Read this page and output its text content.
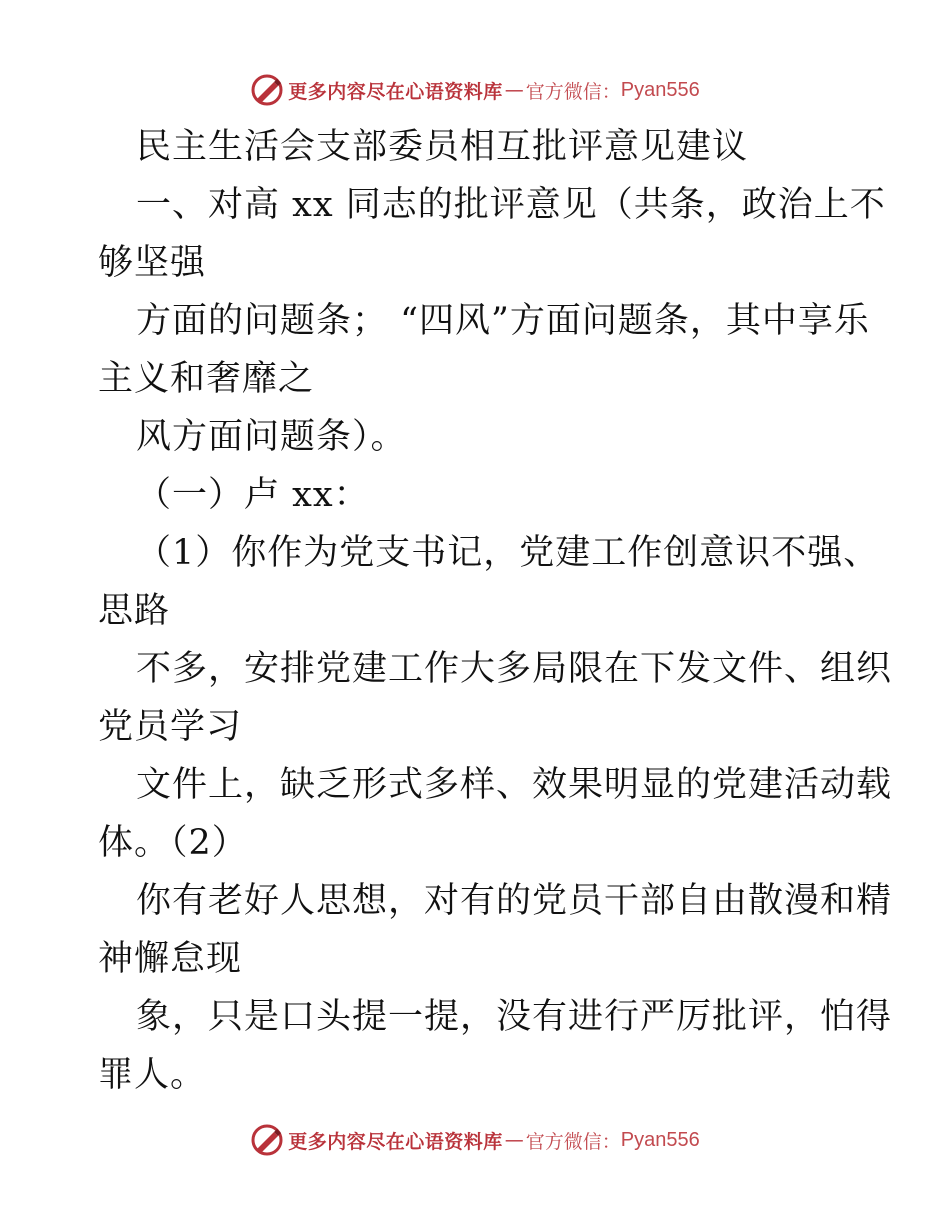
更多内容尽在心语资料库 — 官方微信： Pyan556
民主生活会支部委员相互批评意见建议
一、对高 xx 同志的批评意见（共条，政治上不
够坚强
方面的问题条； “四风”方面问题条，其中享乐
主义和奢靡之
风方面问题条）。
（一）卢 xx：
（1）你作为党支书记，党建工作创意识不强、
思路
不多，安排党建工作大多局限在下发文件、组织
党员学习
文件上，缺乏形式多样、效果明显的党建活动载
体。（2）
你有老好人思想，对有的党员干部自由散漫和精
神懈怠现
象，只是口头提一提，没有进行严厉批评，怕得
罪人。
更多内容尽在心语资料库 — 官方微信： Pyan556
